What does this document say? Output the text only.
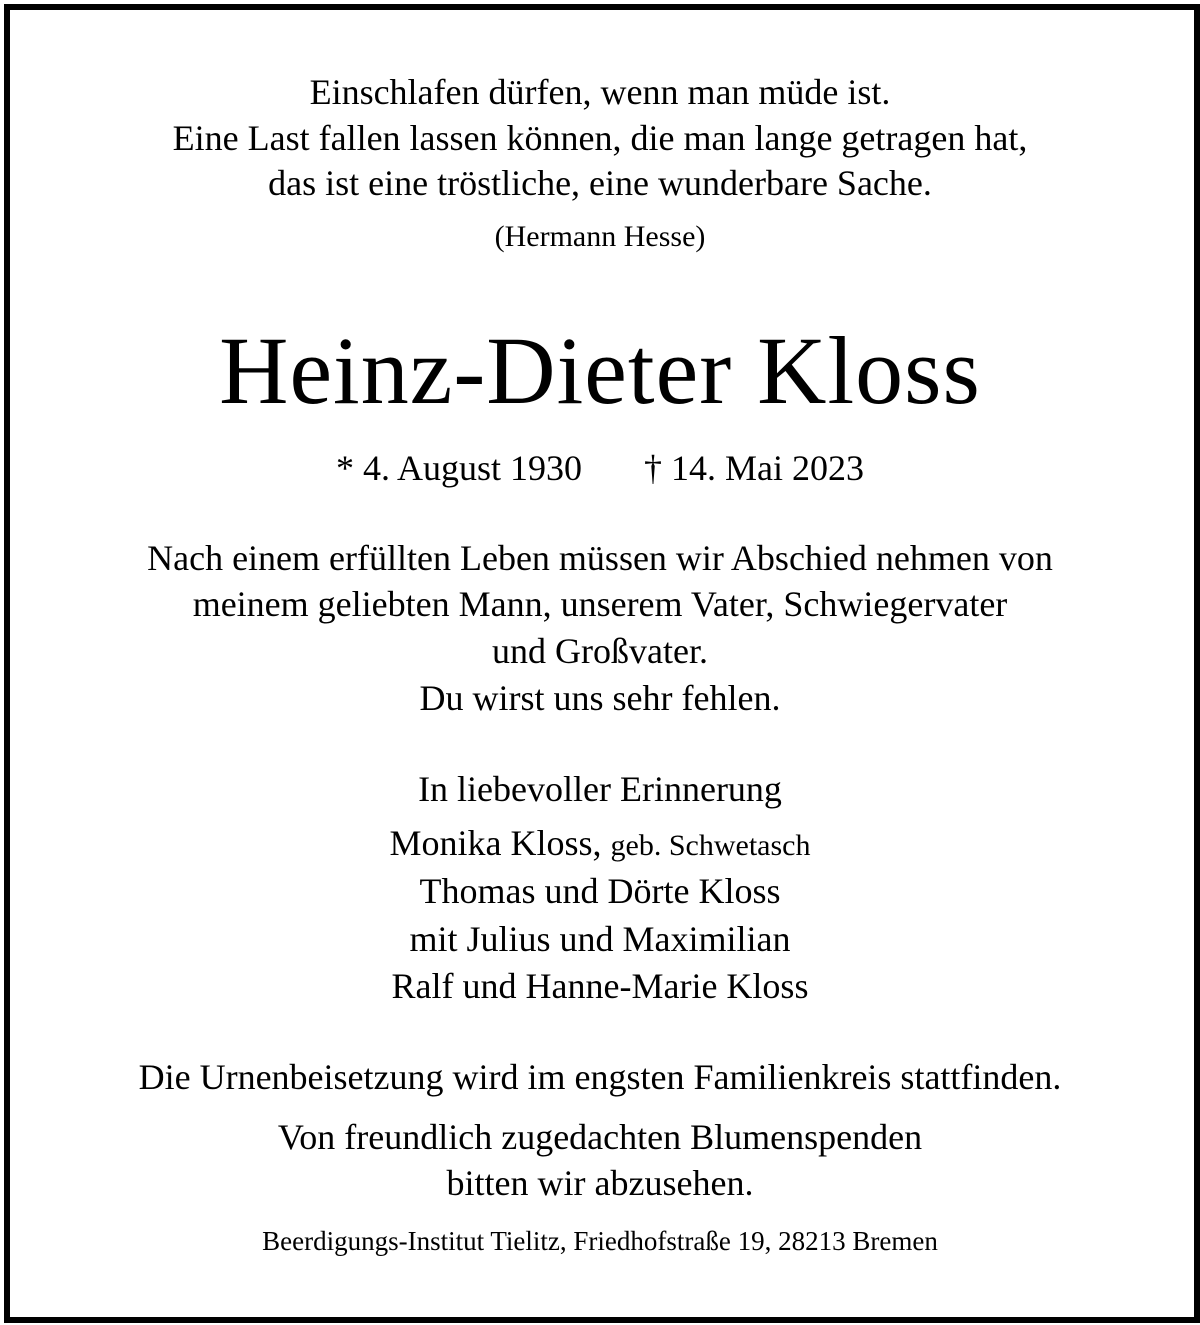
Einschlafen dürfen, wenn man müde ist.
Eine Last fallen lassen können, die man lange getragen hat,
das ist eine tröstliche, eine wunderbare Sache.
(Hermann Hesse)
Heinz-Dieter Kloss
* 4. August 1930 † 14. Mai 2023
Nach einem erfüllten Leben müssen wir Abschied nehmen von
meinem geliebten Mann, unserem Vater, Schwiegervater
und Großvater.
Du wirst uns sehr fehlen.
In liebevoller Erinnerung
Monika Kloss, geb. Schwetasch
Thomas und Dörte Kloss
mit Julius und Maximilian
Ralf und Hanne-Marie Kloss
Die Urnenbeisetzung wird im engsten Familienkreis stattfinden.
Von freundlich zugedachten Blumenspenden
bitten wir abzusehen.
Beerdigungs-Institut Tielitz, Friedhofstraße 19, 28213 Bremen
